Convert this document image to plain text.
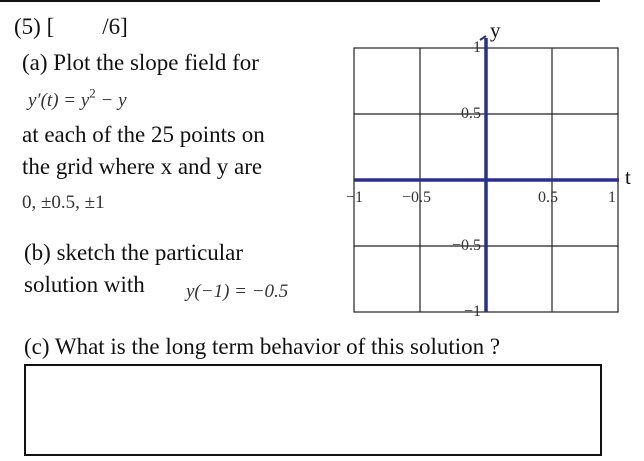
(5) [ /6]
(a) Plot the slope field for
$y'(t) = y^2 - y$
at each of the 25 points on
the grid where x and y are
0, ±0.5, ±1
(b) sketch the particular
solution with y(−1) = −0.5
y
t
−1 −0.5	0.5	1
1
0.5
−0.5
−1
(c) What is the long term behavior of this solution ?
